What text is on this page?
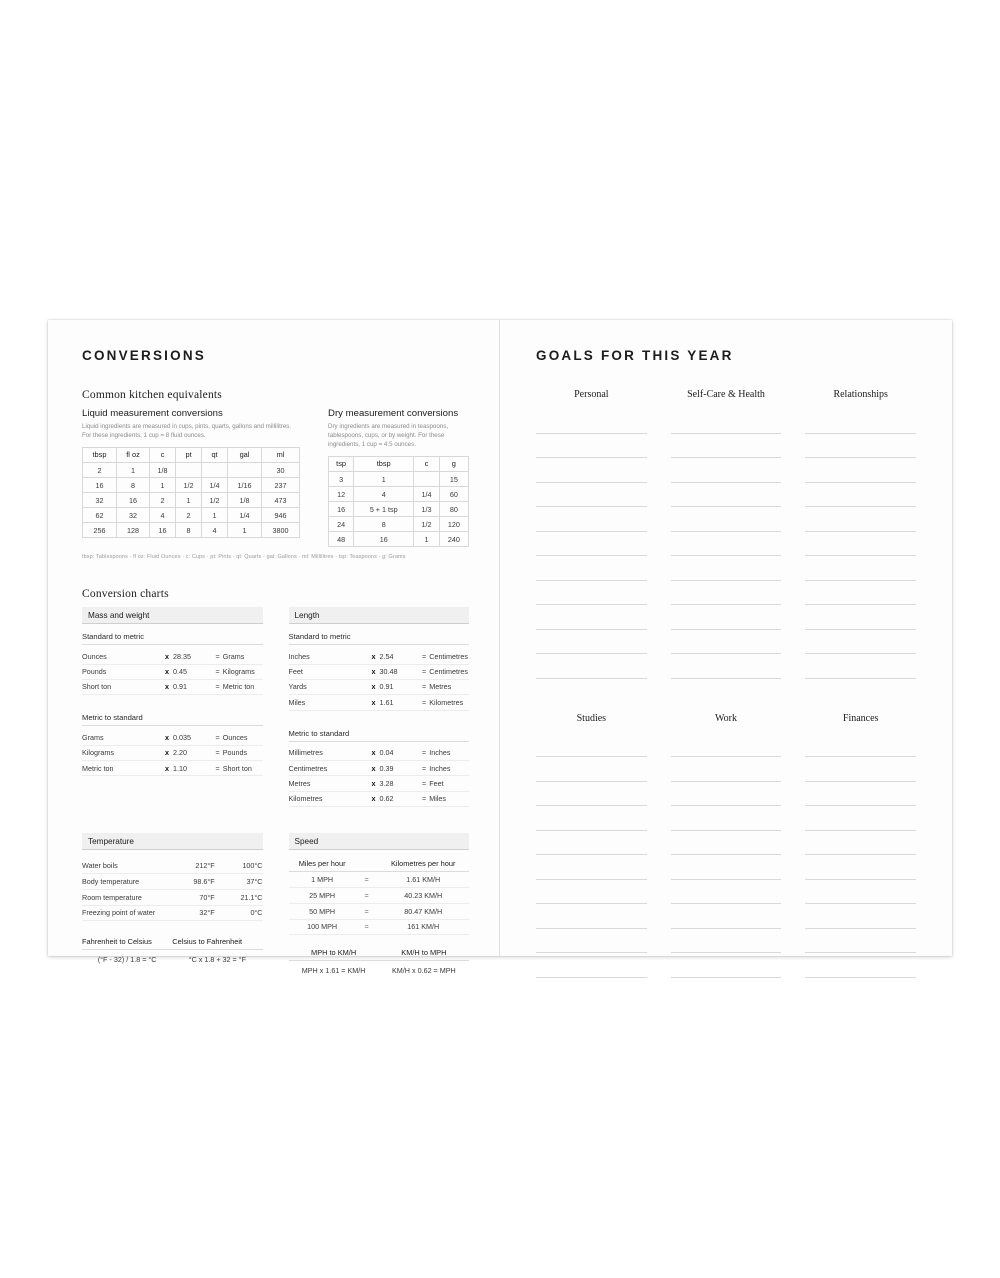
CONVERSIONS
Common kitchen equivalents
Liquid measurement conversions
Liquid ingredients are measured in cups, pints, quarts, gallons and millilitres. For these ingredients, 1 cup = 8 fluid ounces.
tbsp	fl oz	c	pt	qt	gal	ml
2	1	1/8				30
16	8	1	1/2	1/4	1/16	237
32	16	2	1	1/2	1/8	473
62	32	4	2	1	1/4	946
256	128	16	8	4	1	3800
Dry measurement conversions
Dry ingredients are measured in teaspoons, tablespoons, cups, or by weight. For these ingredients, 1 cup = 4.5 ounces.
tsp	tbsp	c	g
3	1		15
12	4	1/4	60
16	5 + 1 tsp	1/3	80
24	8	1/2	120
48	16	1	240
tbsp: Tablespoons · fl oz: Fluid Ounces · c: Cups · pt: Pints · qt: Quarts · gal: Gallons · ml: Millilitres · tsp: Teaspoons · g: Grams
Conversion charts
Mass and weight
Standard to metric
Ounces	x 28.35	= Grams
Pounds	x 0.45	= Kilograms
Short ton	x 0.91	= Metric ton
Metric to standard
Grams	x 0.035	= Ounces
Kilograms	x 2.20	= Pounds
Metric ton	x 1.10	= Short ton
Length
Standard to metric
Inches	x 2.54	= Centimetres
Feet	x 30.48	= Centimetres
Yards	x 0.91	= Metres
Miles	x 1.61	= Kilometres
Metric to standard
Millimetres	x 0.04	= Inches
Centimetres	x 0.39	= Inches
Metres	x 3.28	= Feet
Kilometres	x 0.62	= Miles
Temperature
Water boils	212°F	100°C
Body temperature	98.6°F	37°C
Room temperature	70°F	21.1°C
Freezing point of water	32°F	0°C
Fahrenheit to Celsius	Celsius to Fahrenheit
(°F - 32) / 1.8 = °C	°C x 1.8 + 32 = °F
Speed
Miles per hour		Kilometres per hour
1 MPH	=	1.61 KM/H
25 MPH	=	40.23 KM/H
50 MPH	=	80.47 KM/H
100 MPH	=	161 KM/H
MPH to KM/H	KM/H to MPH
MPH x 1.61 = KM/H	KM/H x 0.62 = MPH
GOALS FOR THIS YEAR
Personal	Self-Care & Health	Relationships
Studies	Work	Finances
